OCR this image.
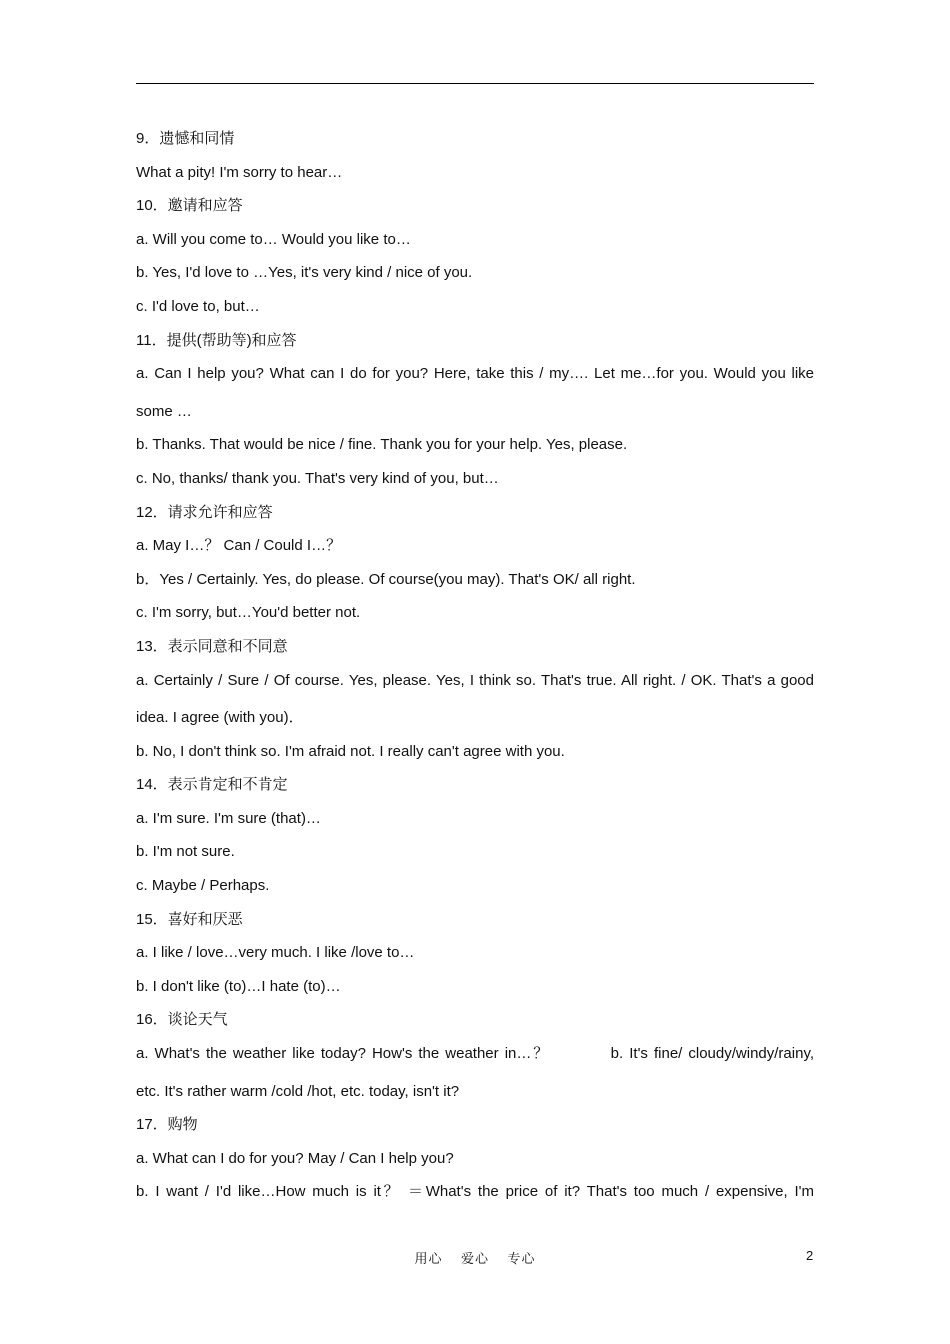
9．遗憾和同情
What a pity! I'm sorry to hear…
10．邀请和应答
a. Will you come to… Would you like to…
b. Yes, I'd love to …Yes, it's very kind / nice of you.
c. I'd love to, but…
11．提供(帮助等)和应答
a. Can I help you? What can I do for you? Here, take this / my…. Let me…for you. Would you like
some …
b. Thanks. That would be nice / fine. Thank you for your help. Yes, please.
c. No, thanks/ thank you. That's very kind of you, but…
12．请求允许和应答
a. May I…？ Can / Could I…？
b．Yes / Certainly. Yes, do please. Of course(you may). That's OK/ all right.
c. I'm sorry, but…You'd better not.
13．表示同意和不同意
a. Certainly / Sure / Of course. Yes, please. Yes, I think so. That's true. All right. / OK. That's a good
idea. I agree (with you)．
b. No, I don't think so. I'm afraid not. I really can't agree with you.
14．表示肯定和不肯定
a. I'm sure. I'm sure (that)…
b. I'm not sure.
c. Maybe / Perhaps.
15．喜好和厌恶
a. I like / love…very much. I like /love to…
b. I don't like (to)…I hate (to)…
16．谈论天气
a. What's the weather like today? How's the weather in…？          b. It's fine/ cloudy/windy/rainy,
etc. It's rather warm /cold /hot, etc. today, isn't it?
17．购物
a. What can I do for you? May / Can I help you?
b. I want / I'd like…How much is it？ ＝What's the price of it? That's too much / expensive, I'm
用心    爱心    专心	2
